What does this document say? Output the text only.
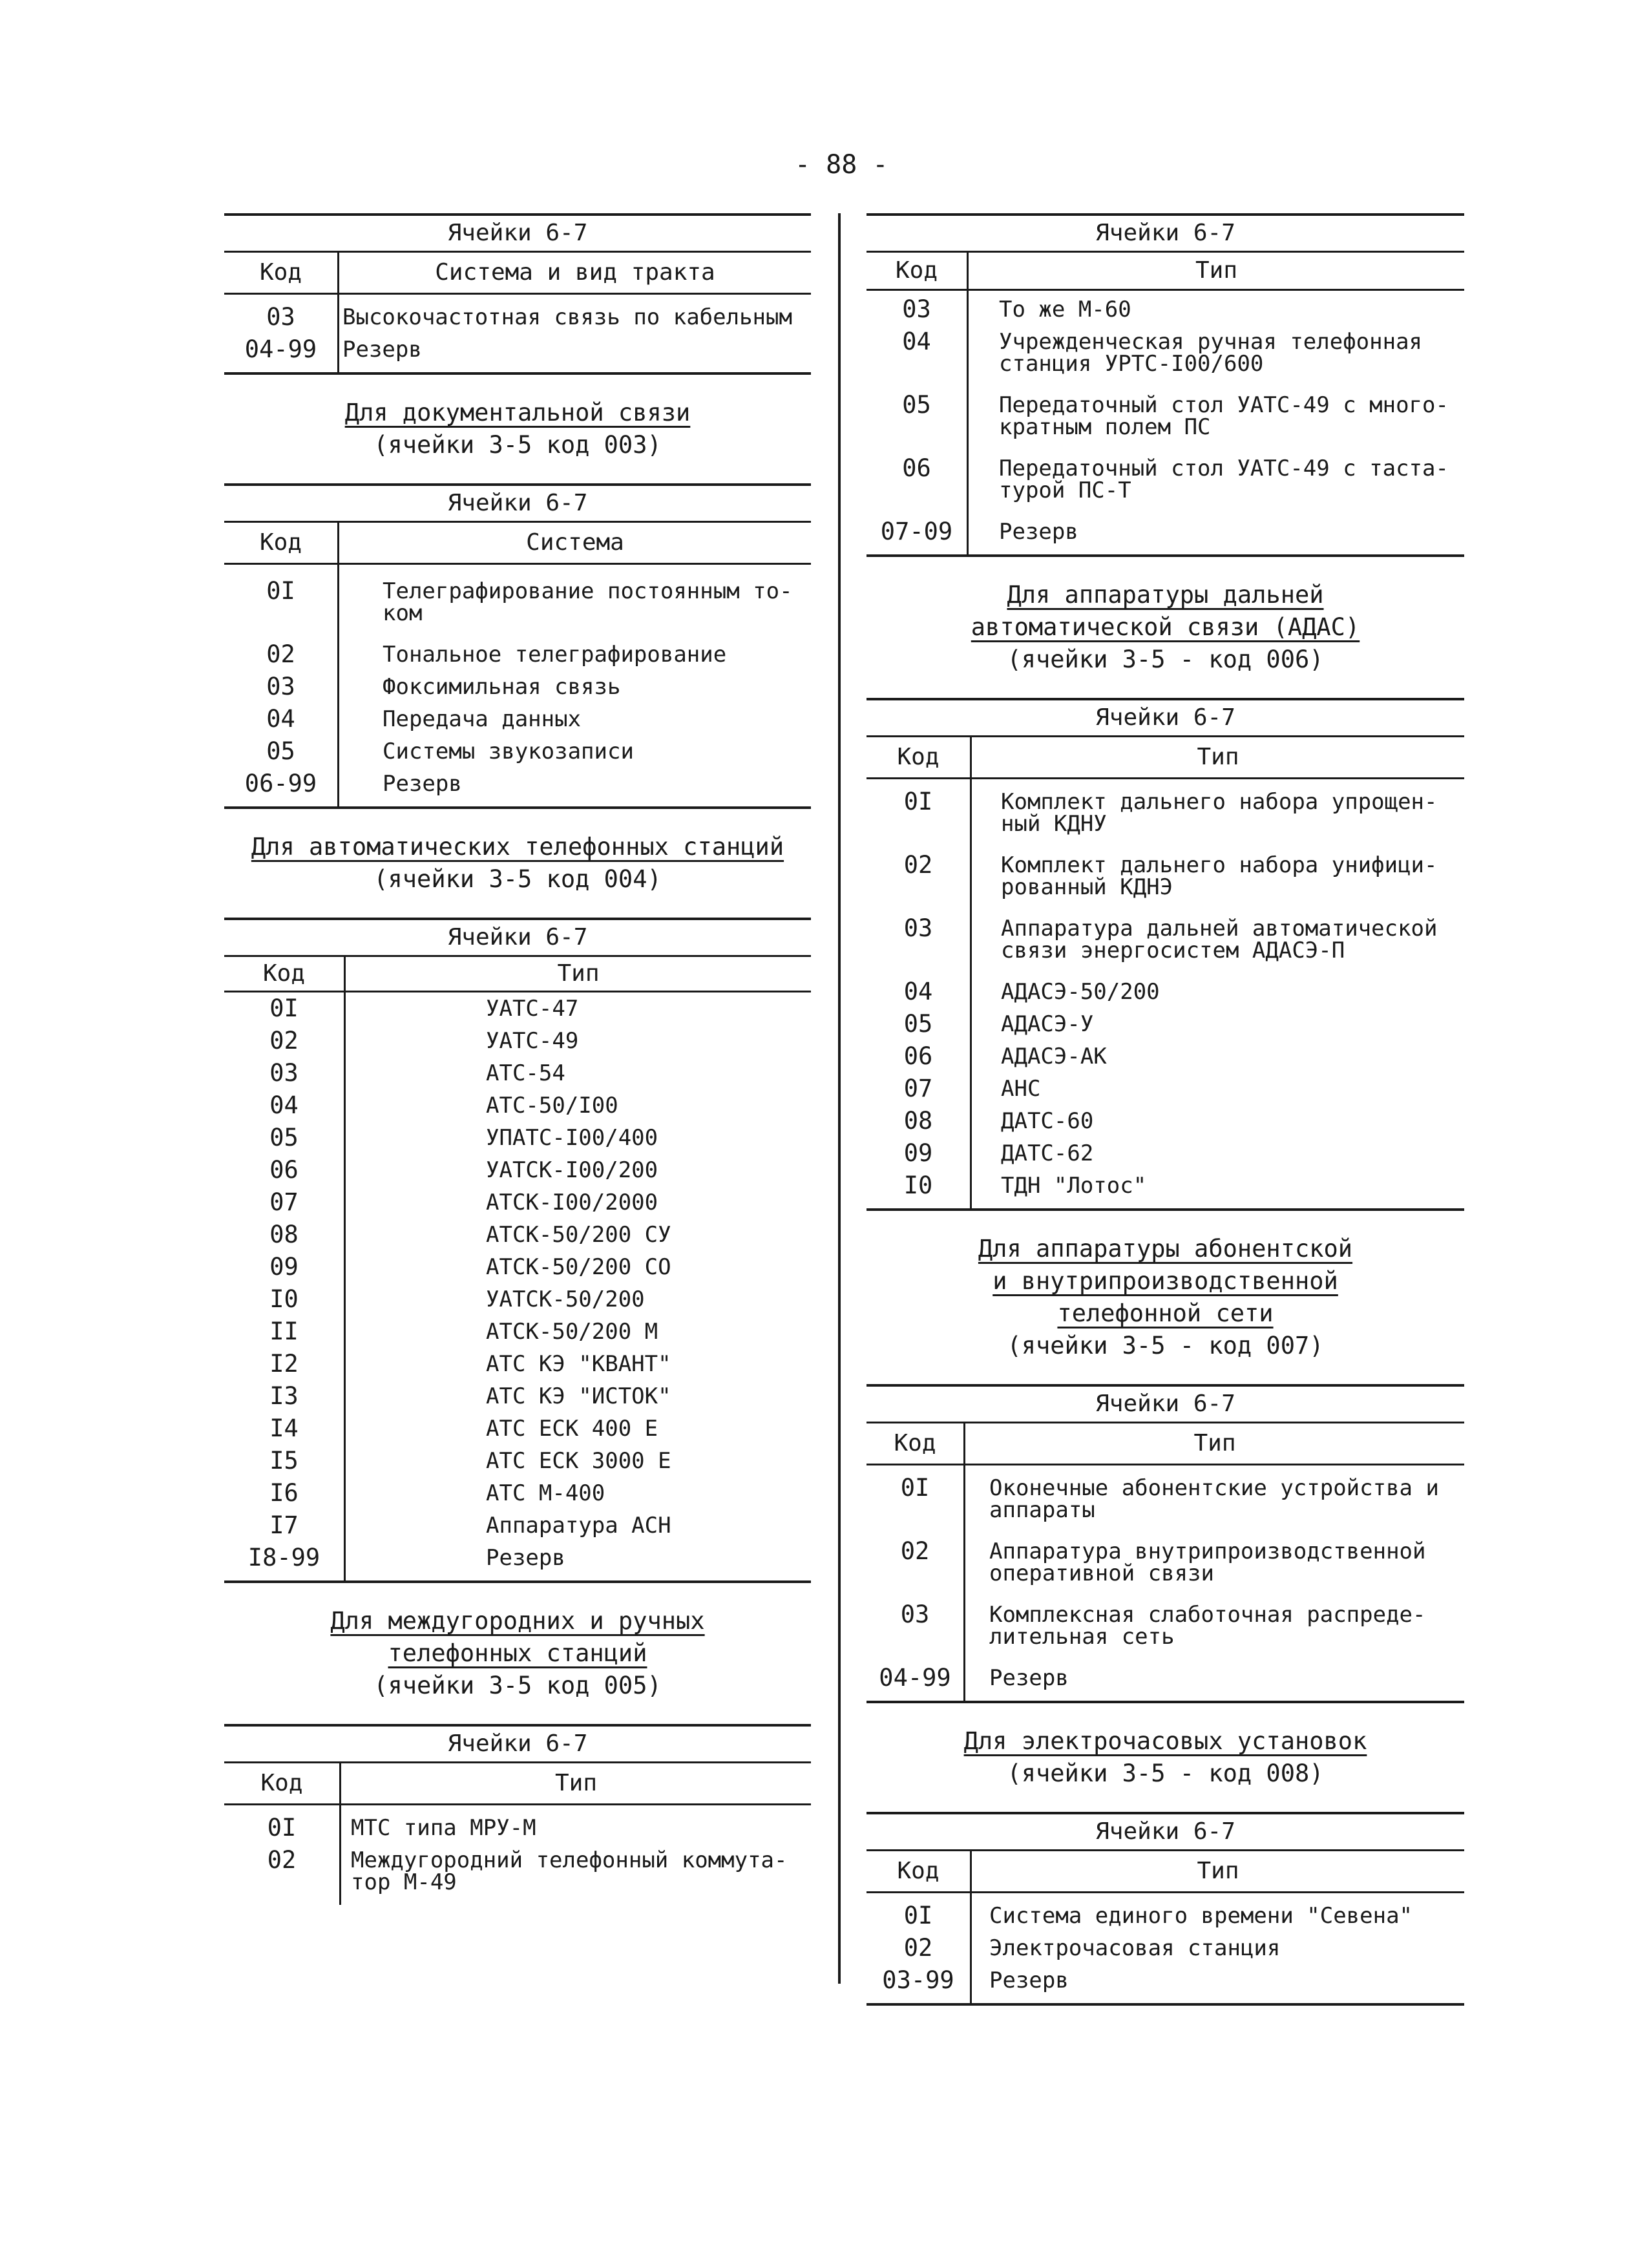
- 88 -
Ячейки 6-7
Код	Система и вид тракта
03	Высокочастотная связь по кабельным
04-99	Резерв
Для документальной связи
(ячейки 3-5 код 003)
Ячейки 6-7
Код	Система
0I	Телеграфирование постоянным то-ком
02	Тональное телеграфирование
03	Фоксимильная связь
04	Передача данных
05	Системы звукозаписи
06-99	Резерв
Для автоматических телефонных станций
(ячейки 3-5 код 004)
Ячейки 6-7
Код	Тип
0I	УАТС-47
02	УАТС-49
03	АТС-54
04	АТС-50/I00
05	УПАТС-I00/400
06	УАТСК-I00/200
07	АТСК-I00/2000
08	АТСК-50/200 СУ
09	АТСК-50/200 СО
I0	УАТСК-50/200
II	АТСК-50/200 М
I2	АТС КЭ "КВАНТ"
I3	АТС КЭ "ИСТОК"
I4	АТС ЕСК 400 Е
I5	АТС ЕСК 3000 Е
I6	АТС М-400
I7	Аппаратура АСН
I8-99	Резерв
Для междугородних и ручных
телефонных станций
(ячейки 3-5 код 005)
Ячейки 6-7
Код	Тип
0I	МТС типа МРУ-М
02	Междугородний телефонный коммута-тор М-49
Ячейки 6-7
Код	Тип
03	То же М-60
04	Учрежденческая ручная телефонная станция УРТС-I00/600
05	Передаточный стол УАТС-49 с много-кратным полем ПС
06	Передаточный стол УАТС-49 с таста-турой ПС-Т
07-09	Резерв
Для аппаратуры дальней
автоматической связи (АДАС)
(ячейки 3-5 - код 006)
Ячейки 6-7
Код	Тип
0I	Комплект дальнего набора упрощен-ный КДНУ
02	Комплект дальнего набора унифици-рованный КДНЭ
03	Аппаратура дальней автоматической связи энергосистем АДАСЭ-П
04	АДАСЭ-50/200
05	АДАСЭ-У
06	АДАСЭ-АК
07	АНС
08	ДАТС-60
09	ДАТС-62
I0	ТДН "Лотос"
Для аппаратуры абонентской
и внутрипроизводственной
телефонной сети
(ячейки 3-5 - код 007)
Ячейки 6-7
Код	Тип
0I	Оконечные абонентские устройства и аппараты
02	Аппаратура внутрипроизводственной оперативной связи
03	Комплексная слаботочная распреде-лительная сеть
04-99	Резерв
Для электрочасовых установок
(ячейки 3-5 - код 008)
Ячейки 6-7
Код	Тип
0I	Система единого времени "Севена"
02	Электрочасовая станция
03-99	Резерв
